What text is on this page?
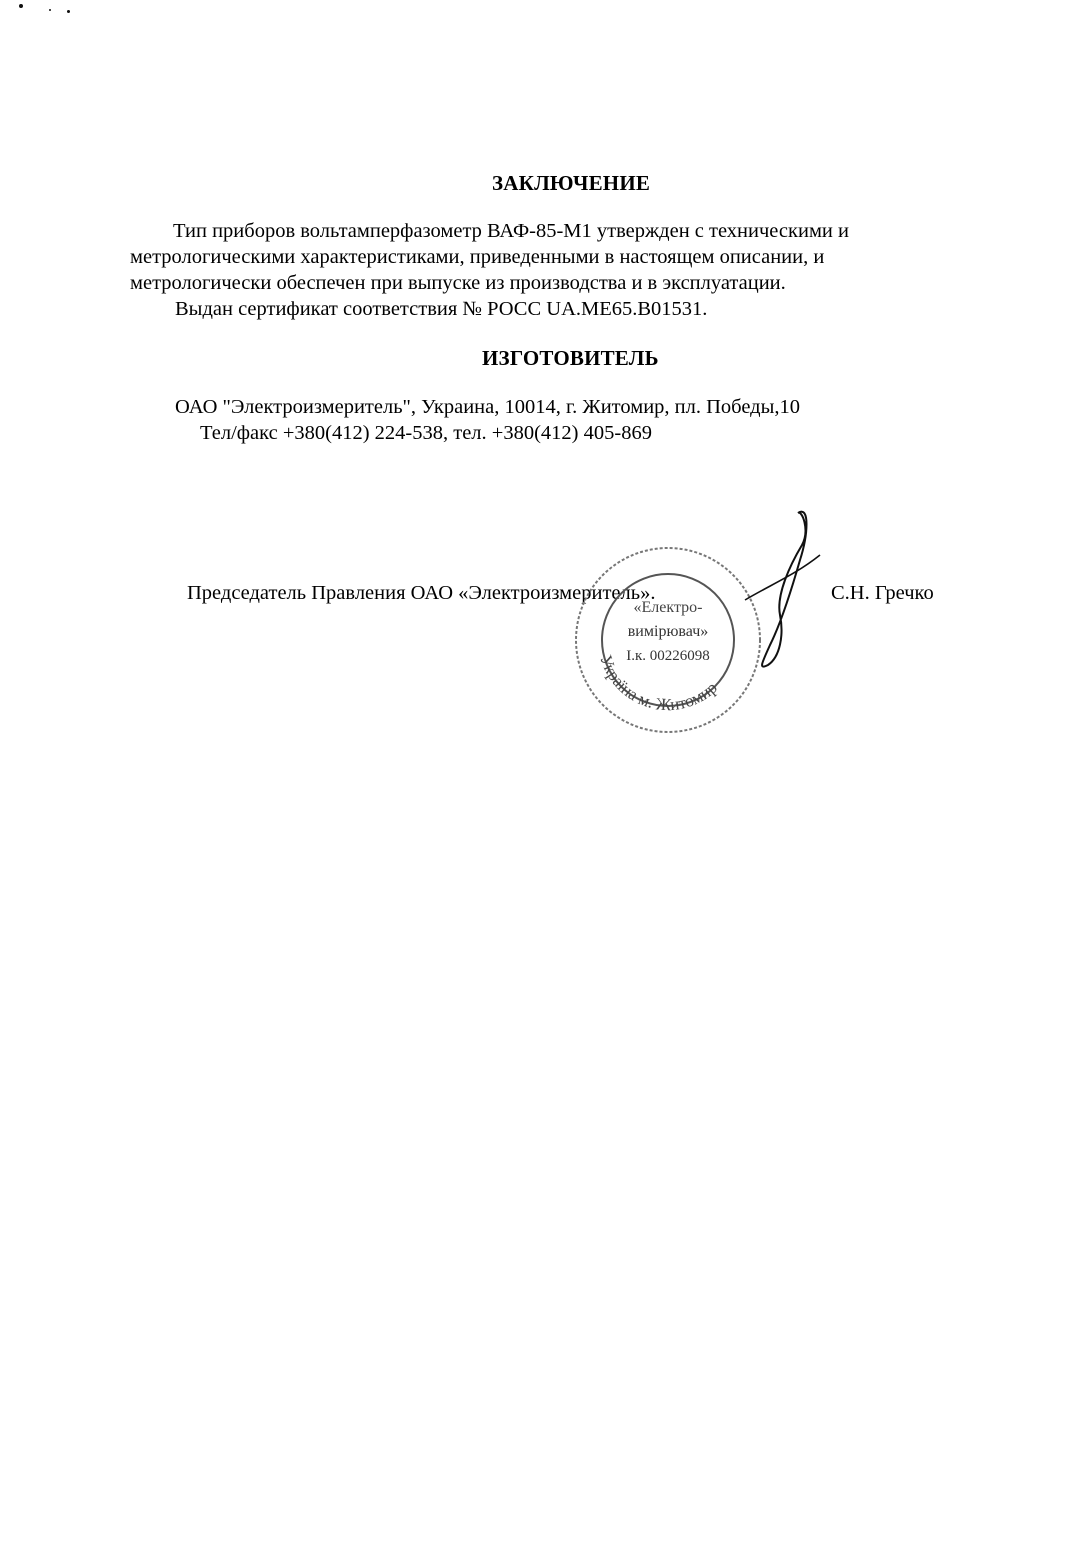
ЗАКЛЮЧЕНИЕ
Тип приборов вольтамперфазометр ВАФ-85-М1 утвержден с техническими и
метрологическими характеристиками, приведенными в настоящем описании, и
метрологически обеспечен при выпуске из производства и в эксплуатации.
Выдан сертификат соответствия № РОСС UA.ME65.B01531.
ИЗГОТОВИТЕЛЬ
ОАО "Электроизмеритель", Украина, 10014, г. Житомир, пл. Победы,10
Тел/факс +380(412) 224-538, тел. +380(412) 405-869
Председатель Правления ОАО «Электроизмеритель».	С.Н. Гречко
«Електро-
вимірювач»
І.к. 00226098
Україна м. Житомир
